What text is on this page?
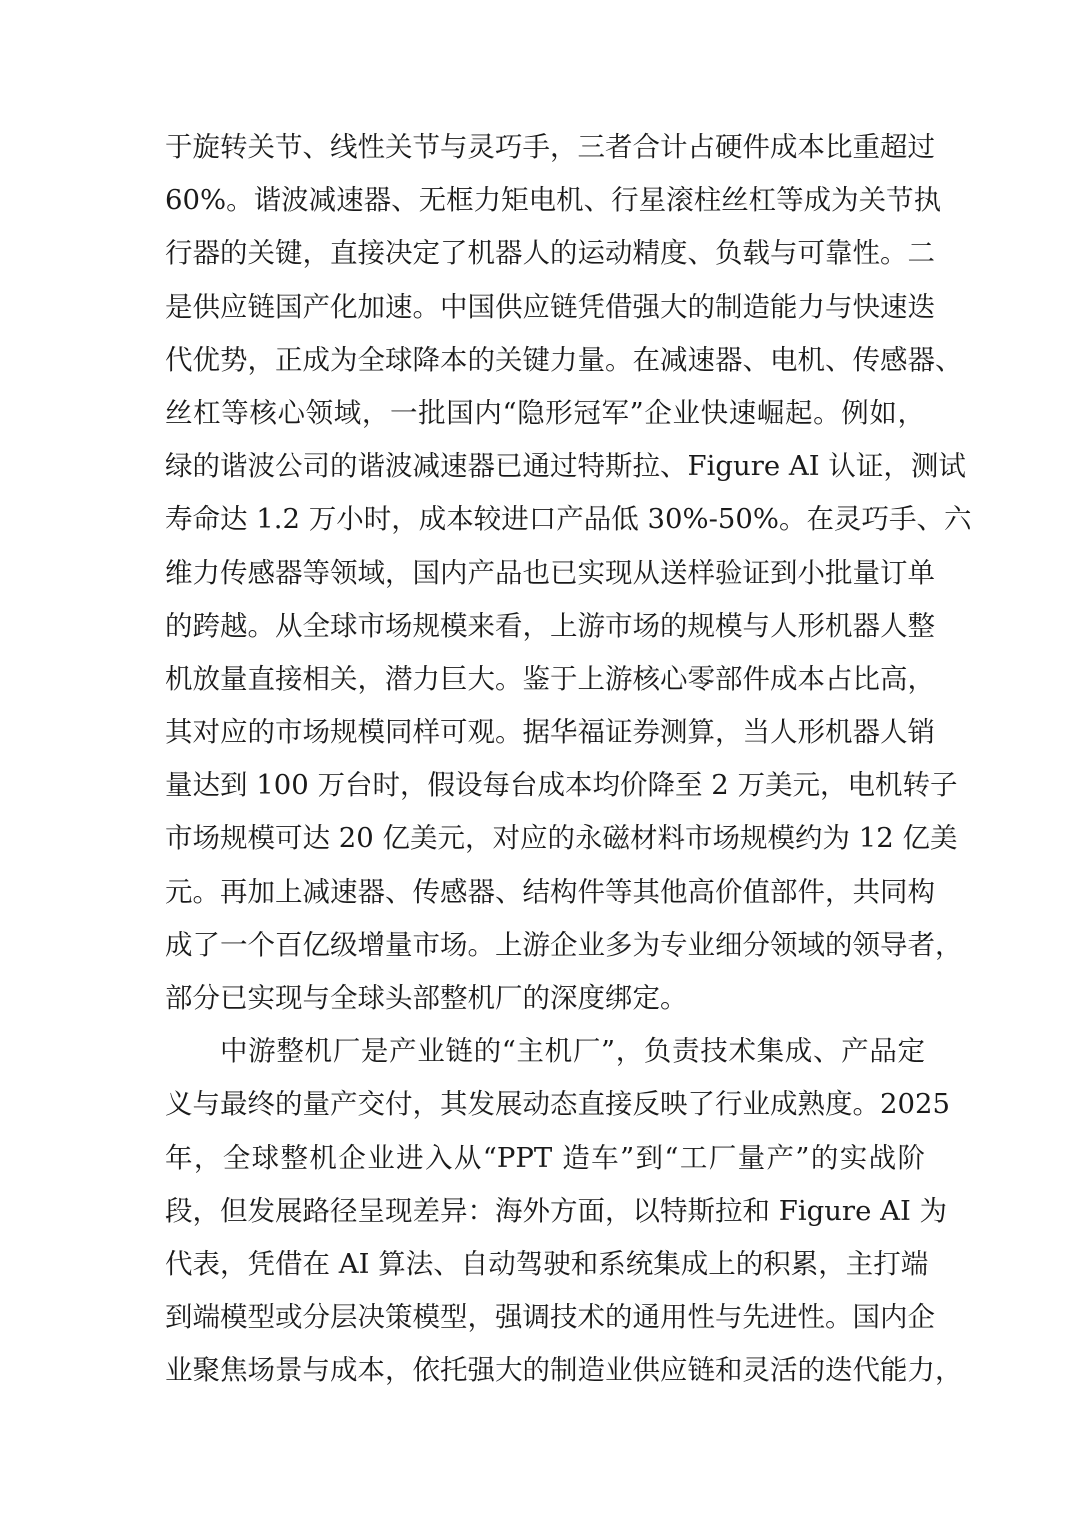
于旋转关节、线性关节与灵巧手，三者合计占硬件成本比重超过
60%。谐波减速器、无框力矩电机、行星滚柱丝杠等成为关节执
行器的关键，直接决定了机器人的运动精度、负载与可靠性。二
是供应链国产化加速。中国供应链凭借强大的制造能力与快速迭
代优势，正成为全球降本的关键力量。在减速器、电机、传感器、
丝杠等核心领域，一批国内“隐形冠军”企业快速崛起。例如，
绿的谐波公司的谐波减速器已通过特斯拉、Figure AI 认证，测试
寿命达 1.2 万小时，成本较进口产品低 30%-50%。在灵巧手、六
维力传感器等领域，国内产品也已实现从送样验证到小批量订单
的跨越。从全球市场规模来看，上游市场的规模与人形机器人整
机放量直接相关，潜力巨大。鉴于上游核心零部件成本占比高，
其对应的市场规模同样可观。据华福证券测算，当人形机器人销
量达到 100 万台时，假设每台成本均价降至 2 万美元，电机转子
市场规模可达 20 亿美元，对应的永磁材料市场规模约为 12 亿美
元。再加上减速器、传感器、结构件等其他高价值部件，共同构
成了一个百亿级增量市场。上游企业多为专业细分领域的领导者，
部分已实现与全球头部整机厂的深度绑定。
中游整机厂是产业链的“主机厂”，负责技术集成、产品定
义与最终的量产交付，其发展动态直接反映了行业成熟度。2025
年，全球整机企业进入从“PPT 造车”到“工厂量产”的实战阶
段，但发展路径呈现差异：海外方面，以特斯拉和 Figure AI 为
代表，凭借在 AI 算法、自动驾驶和系统集成上的积累，主打端
到端模型或分层决策模型，强调技术的通用性与先进性。国内企
业聚焦场景与成本，依托强大的制造业供应链和灵活的迭代能力，
